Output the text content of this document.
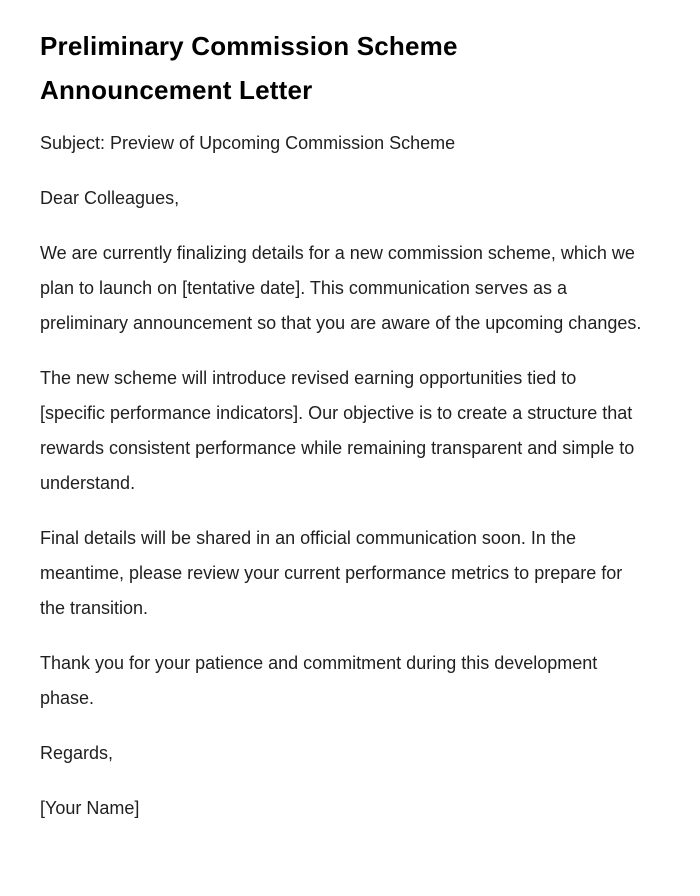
Preliminary Commission Scheme Announcement Letter

Subject: Preview of Upcoming Commission Scheme

Dear Colleagues,

We are currently finalizing details for a new commission scheme, which we plan to launch on [tentative date]. This communication serves as a preliminary announcement so that you are aware of the upcoming changes.

The new scheme will introduce revised earning opportunities tied to [specific performance indicators]. Our objective is to create a structure that rewards consistent performance while remaining transparent and simple to understand.

Final details will be shared in an official communication soon. In the meantime, please review your current performance metrics to prepare for the transition.

Thank you for your patience and commitment during this development phase.

Regards,

[Your Name]
